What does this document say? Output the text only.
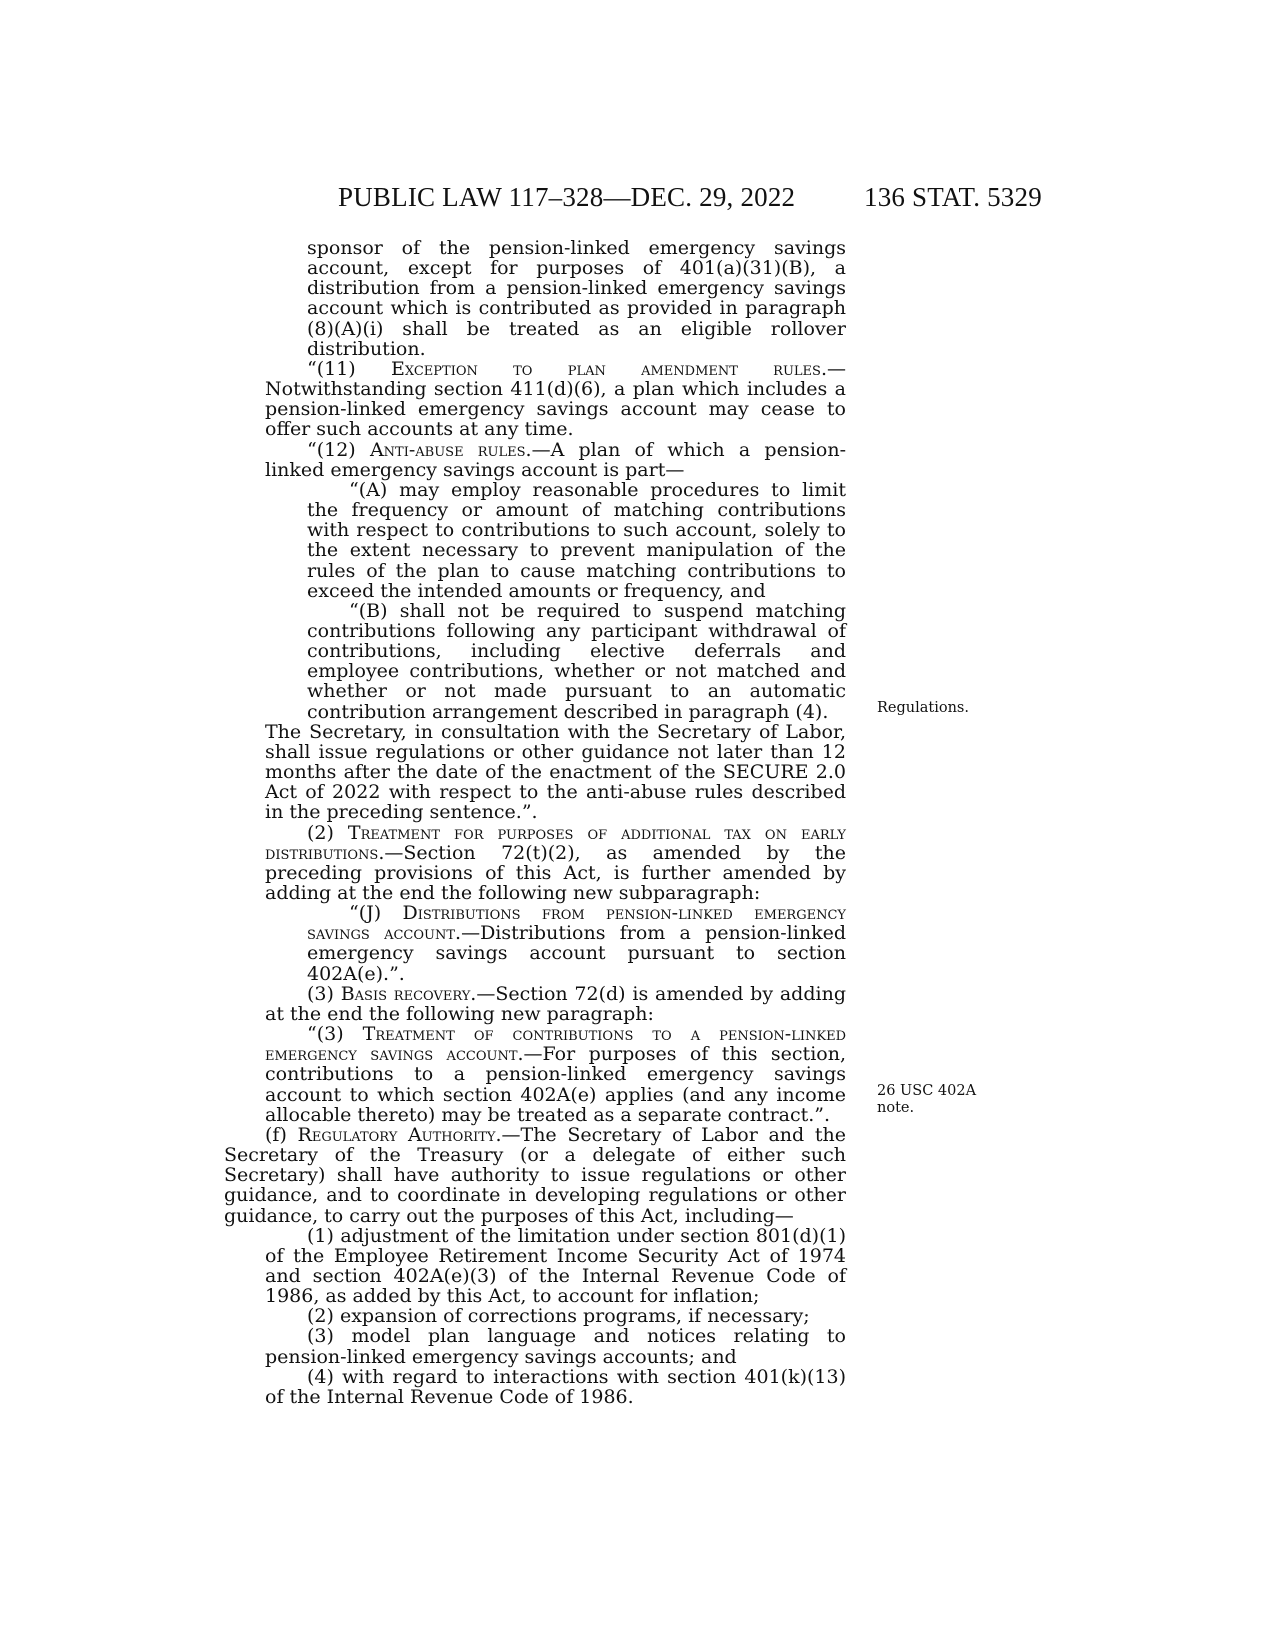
PUBLIC LAW 117–328—DEC. 29, 2022	136 STAT. 5329

sponsor of the pension-linked emergency savings account, except for purposes of 401(a)(31)(B), a distribution from a pension-linked emergency savings account which is contributed as provided in paragraph (8)(A)(i) shall be treated as an eligible rollover distribution.

“(11) Exception to plan amendment rules.—Notwithstanding section 411(d)(6), a plan which includes a pension-linked emergency savings account may cease to offer such accounts at any time.

“(12) Anti-abuse rules.—A plan of which a pension-linked emergency savings account is part—

“(A) may employ reasonable procedures to limit the frequency or amount of matching contributions with respect to contributions to such account, solely to the extent necessary to prevent manipulation of the rules of the plan to cause matching contributions to exceed the intended amounts or frequency, and

“(B) shall not be required to suspend matching contributions following any participant withdrawal of contributions, including elective deferrals and employee contributions, whether or not matched and whether or not made pursuant to an automatic contribution arrangement described in paragraph (4).

The Secretary, in consultation with the Secretary of Labor, shall issue regulations or other guidance not later than 12 months after the date of the enactment of the SECURE 2.0 Act of 2022 with respect to the anti-abuse rules described in the preceding sentence.”.

(2) Treatment for purposes of additional tax on early distributions.—Section 72(t)(2), as amended by the preceding provisions of this Act, is further amended by adding at the end the following new subparagraph:

“(J) Distributions from pension-linked emergency savings account.—Distributions from a pension-linked emergency savings account pursuant to section 402A(e).”.

(3) Basis recovery.—Section 72(d) is amended by adding at the end the following new paragraph:

“(3) Treatment of contributions to a pension-linked emergency savings account.—For purposes of this section, contributions to a pension-linked emergency savings account to which section 402A(e) applies (and any income allocable thereto) may be treated as a separate contract.”.

(f) Regulatory Authority.—The Secretary of Labor and the Secretary of the Treasury (or a delegate of either such Secretary) shall have authority to issue regulations or other guidance, and to coordinate in developing regulations or other guidance, to carry out the purposes of this Act, including—

(1) adjustment of the limitation under section 801(d)(1) of the Employee Retirement Income Security Act of 1974 and section 402A(e)(3) of the Internal Revenue Code of 1986, as added by this Act, to account for inflation;

(2) expansion of corrections programs, if necessary;

(3) model plan language and notices relating to pension-linked emergency savings accounts; and

(4) with regard to interactions with section 401(k)(13) of the Internal Revenue Code of 1986.

Regulations.
26 USC 402A
note.
